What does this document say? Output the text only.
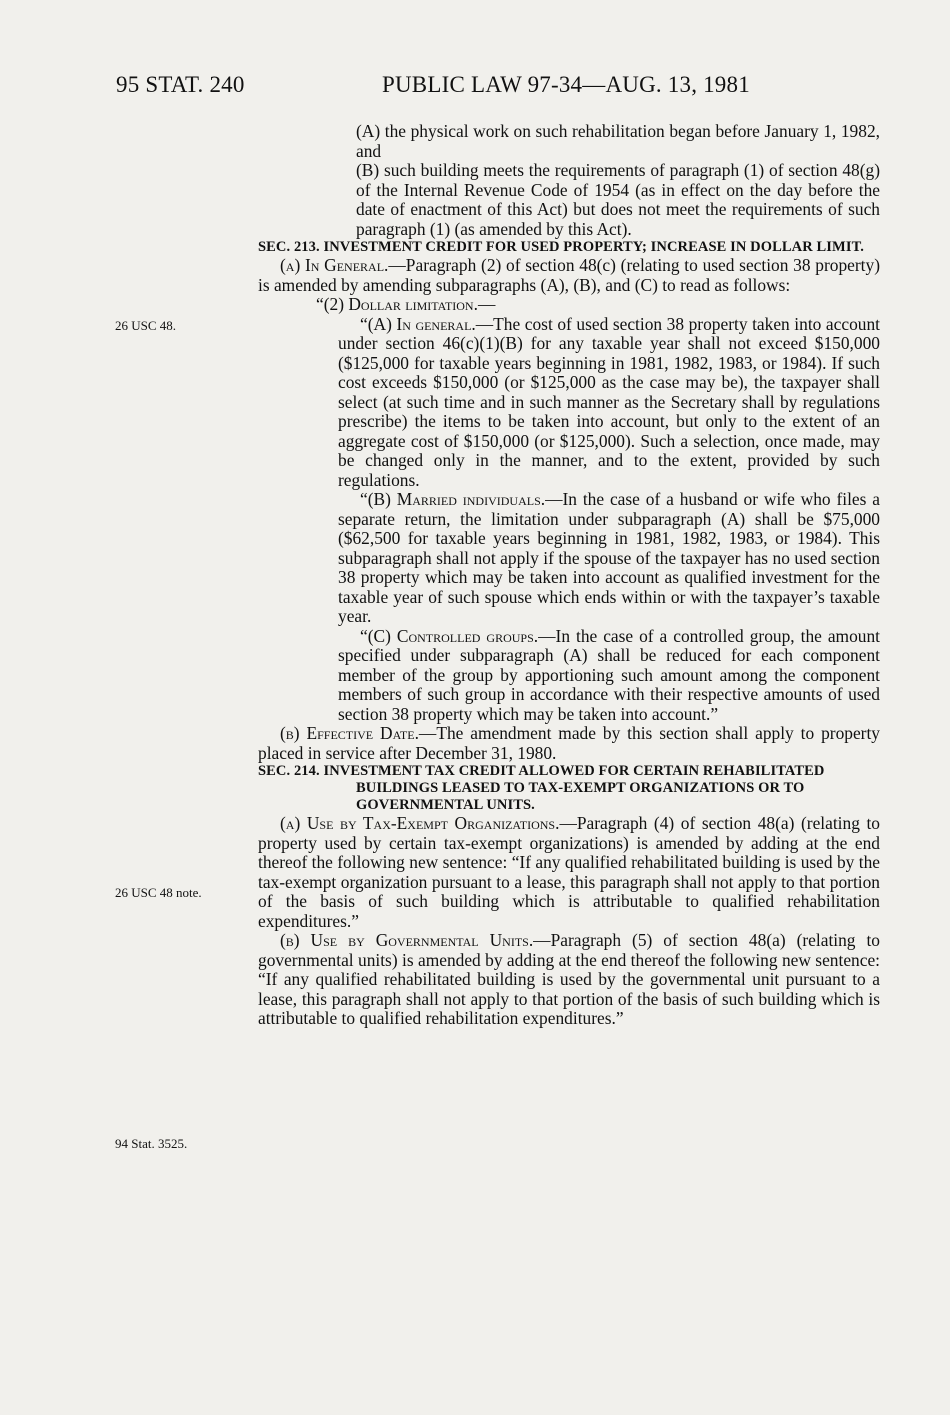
95 STAT. 240	PUBLIC LAW 97-34—AUG. 13, 1981
26 USC 48.
26 USC 48 note.
94 Stat. 3525.

(A) the physical work on such rehabilitation began before January 1, 1982, and

(B) such building meets the requirements of paragraph (1) of section 48(g) of the Internal Revenue Code of 1954 (as in effect on the day before the date of enactment of this Act) but does not meet the requirements of such paragraph (1) (as amended by this Act).

SEC. 213. INVESTMENT CREDIT FOR USED PROPERTY; INCREASE IN DOLLAR LIMIT.

(a) In General.—Paragraph (2) of section 48(c) (relating to used section 38 property) is amended by amending subparagraphs (A), (B), and (C) to read as follows:

“(2) Dollar limitation.—

“(A) In general.—The cost of used section 38 property taken into account under section 46(c)(1)(B) for any taxable year shall not exceed $150,000 ($125,000 for taxable years beginning in 1981, 1982, 1983, or 1984). If such cost exceeds $150,000 (or $125,000 as the case may be), the taxpayer shall select (at such time and in such manner as the Secretary shall by regulations prescribe) the items to be taken into account, but only to the extent of an aggregate cost of $150,000 (or $125,000). Such a selection, once made, may be changed only in the manner, and to the extent, provided by such regulations.

“(B) Married individuals.—In the case of a husband or wife who files a separate return, the limitation under subparagraph (A) shall be $75,000 ($62,500 for taxable years beginning in 1981, 1982, 1983, or 1984). This subparagraph shall not apply if the spouse of the taxpayer has no used section 38 property which may be taken into account as qualified investment for the taxable year of such spouse which ends within or with the taxpayer’s taxable year.

“(C) Controlled groups.—In the case of a controlled group, the amount specified under subparagraph (A) shall be reduced for each component member of the group by apportioning such amount among the component members of such group in accordance with their respective amounts of used section 38 property which may be taken into account.”

(b) Effective Date.—The amendment made by this section shall apply to property placed in service after December 31, 1980.

SEC. 214. INVESTMENT TAX CREDIT ALLOWED FOR CERTAIN REHABILITATED BUILDINGS LEASED TO TAX-EXEMPT ORGANIZATIONS OR TO GOVERNMENTAL UNITS.

(a) Use by Tax-Exempt Organizations.—Paragraph (4) of section 48(a) (relating to property used by certain tax-exempt organizations) is amended by adding at the end thereof the following new sentence: “If any qualified rehabilitated building is used by the tax-exempt organization pursuant to a lease, this paragraph shall not apply to that portion of the basis of such building which is attributable to qualified rehabilitation expenditures.”

(b) Use by Governmental Units.—Paragraph (5) of section 48(a) (relating to governmental units) is amended by adding at the end thereof the following new sentence: “If any qualified rehabilitated building is used by the governmental unit pursuant to a lease, this paragraph shall not apply to that portion of the basis of such building which is attributable to qualified rehabilitation expenditures.”
